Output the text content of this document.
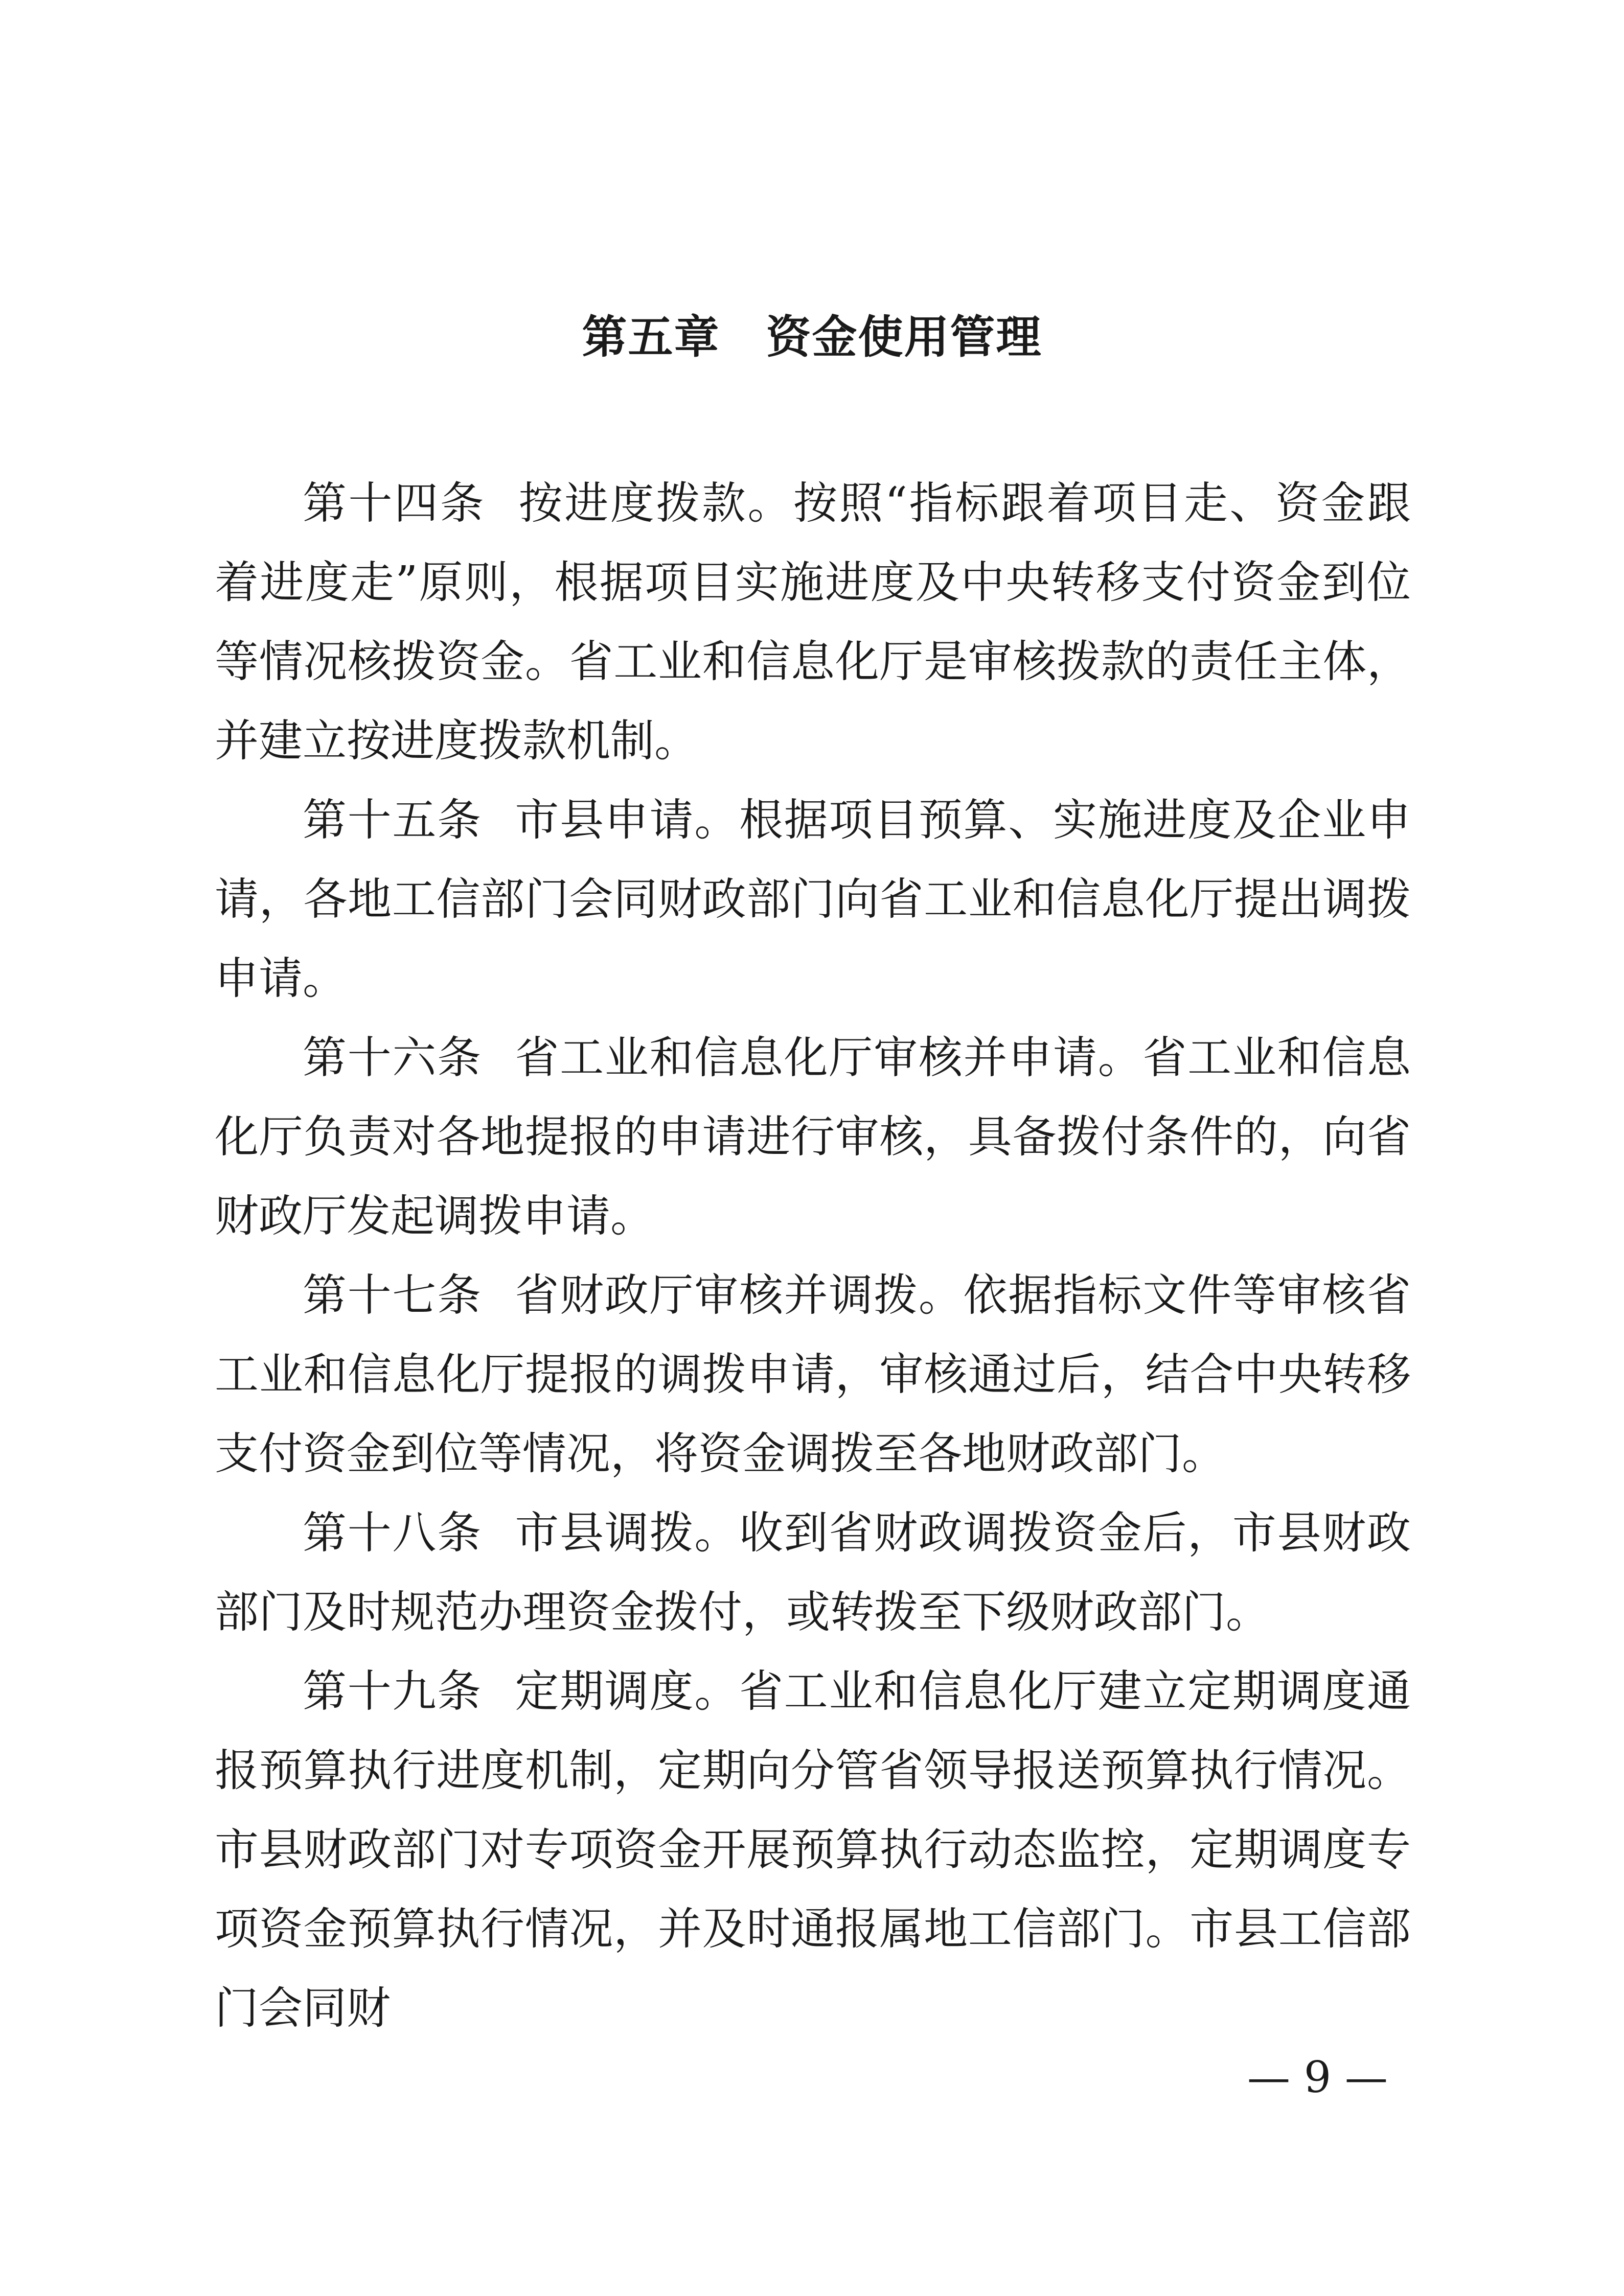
第五章　资金使用管理

第十四条 按进度拨款。按照“指标跟着项目走、资金跟着进度走”原则，根据项目实施进度及中央转移支付资金到位等情况核拨资金。省工业和信息化厅是审核拨款的责任主体，并建立按进度拨款机制。

第十五条 市县申请。根据项目预算、实施进度及企业申请，各地工信部门会同财政部门向省工业和信息化厅提出调拨申请。

第十六条 省工业和信息化厅审核并申请。省工业和信息化厅负责对各地提报的申请进行审核，具备拨付条件的，向省财政厅发起调拨申请。

第十七条 省财政厅审核并调拨。依据指标文件等审核省工业和信息化厅提报的调拨申请，审核通过后，结合中央转移支付资金到位等情况，将资金调拨至各地财政部门。

第十八条 市县调拨。收到省财政调拨资金后，市县财政部门及时规范办理资金拨付，或转拨至下级财政部门。

第十九条 定期调度。省工业和信息化厅建立定期调度通报预算执行进度机制，定期向分管省领导报送预算执行情况。市县财政部门对专项资金开展预算执行动态监控，定期调度专项资金预算执行情况，并及时通报属地工信部门。市县工信部门会同财

— 9 —
